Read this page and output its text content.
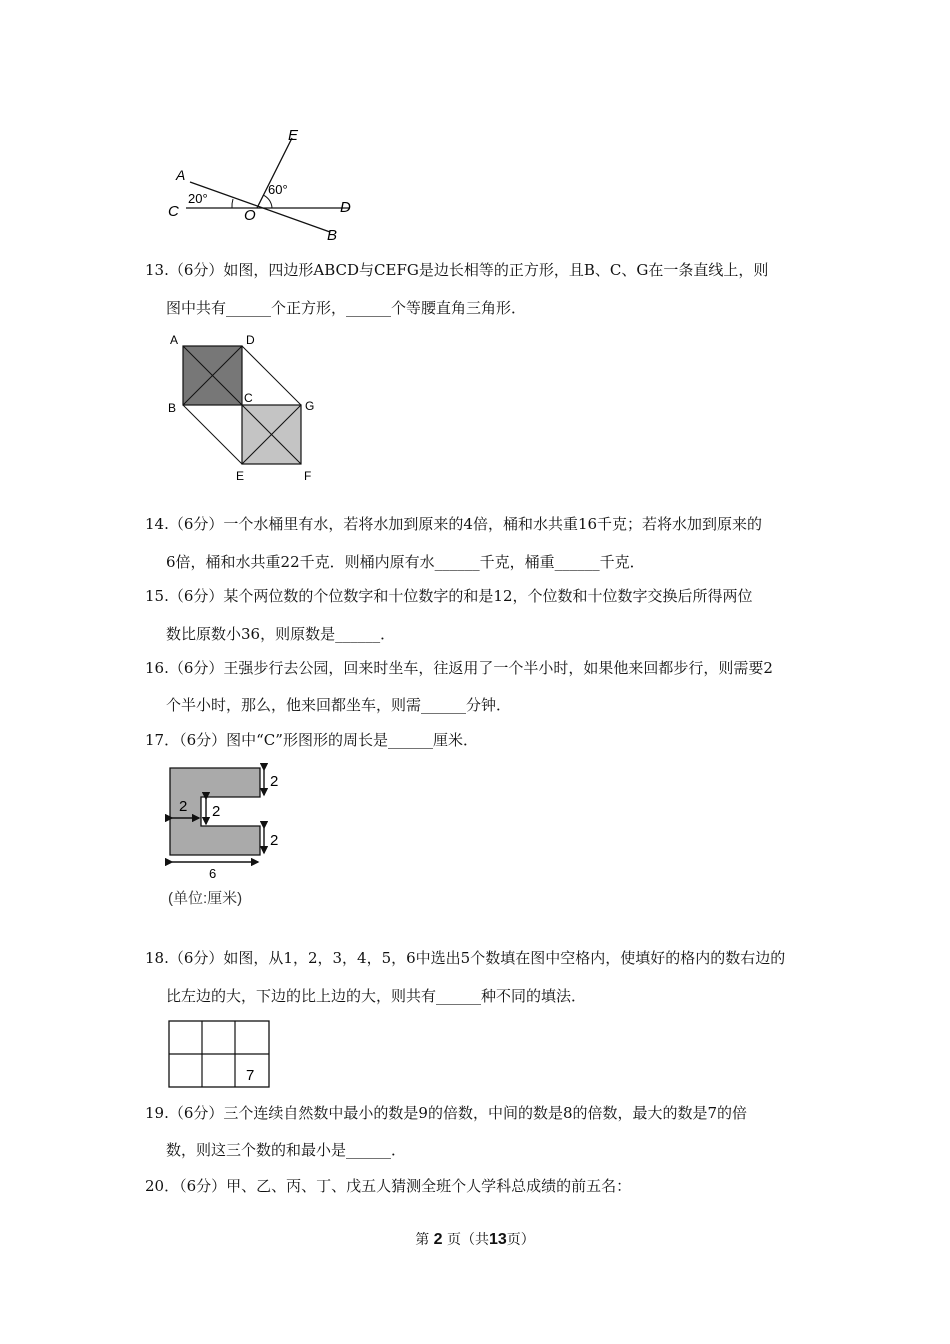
A
C
20°
O
60°
E
D
B
13.（6分）如图，四边形ABCD与CEFG是边长相等的正方形，且B、C、G在一条直线上，则
图中共有______个正方形，______个等腰直角三角形．
A	D
C
B	G
E	F
14.（6分）一个水桶里有水，若将水加到原来的4倍，桶和水共重16千克；若将水加到原来的
6倍，桶和水共重22千克．则桶内原有水______千克，桶重______千克．
15.（6分）某个两位数的个位数字和十位数字的和是12，个位数和十位数字交换后所得两位
数比原数小36，则原数是______．
16.（6分）王强步行去公园，回来时坐车，往返用了一个半小时，如果他来回都步行，则需要2
个半小时，那么，他来回都坐车，则需______分钟．
17．（6分）图中“C”形图形的周长是______厘米．
2
2 2
2
6
(单位:厘米)
18.（6分）如图，从1，2，3，4，5，6中选出5个数填在图中空格内，使填好的格内的数右边的
比左边的大，下边的比上边的大，则共有______种不同的填法．
7
19.（6分）三个连续自然数中最小的数是9的倍数，中间的数是8的倍数，最大的数是7的倍
数，则这三个数的和最小是______．
20．（6分）甲、乙、丙、丁、戊五人猜测全班个人学科总成绩的前五名：
第 2 页（共13页）
